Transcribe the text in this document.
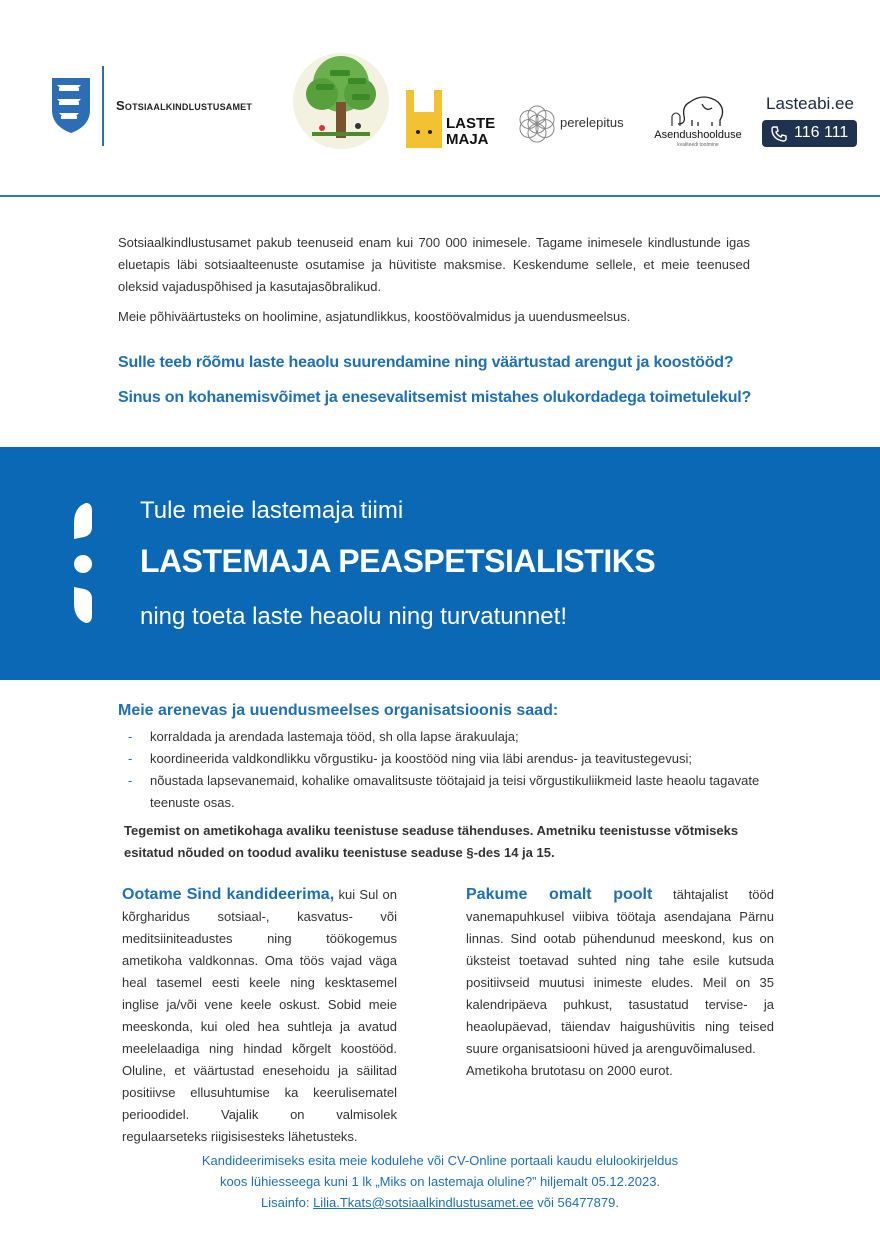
Sotsiaalkindlustusamet
LASTE
MAJA
perelepitus
Asendushoolduse
kvaliteedi tootmine
Lasteabi.ee
116 111

Sotsiaalkindlustusamet pakub teenuseid enam kui 700 000 inimesele. Tagame inimesele kindlustunde igas eluetapis läbi sotsiaalteenuste osutamise ja hüvitiste maksmise. Keskendume sellele, et meie teenused oleksid vajaduspõhised ja kasutajasõbralikud.

Meie põhiväärtusteks on hoolimine, asjatundlikkus, koostöövalmidus ja uuendusmeelsus.

Sulle teeb rõõmu laste heaolu suurendamine ning väärtustad arengut ja koostööd?
Sinus on kohanemisvõimet ja enesevalitsemist mistahes olukordadega toimetulekul?
Tule meie lastemaja tiimi
LASTEMAJA PEASPETSIALISTIKS
ning toeta laste heaolu ning turvatunnet!
Meie arenevas ja uuendusmeelses organisatsioonis saad:
- korraldada ja arendada lastemaja tööd, sh olla lapse ärakuulaja;
- koordineerida valdkondlikku võrgustiku- ja koostööd ning viia läbi arendus- ja teavitustegevusi;
- nõustada lapsevanemaid, kohalike omavalitsuste töötajaid ja teisi võrgustikuliikmeid laste heaolu tagavate teenuste osas.
Tegemist on ametikohaga avaliku teenistuse seaduse tähenduses. Ametniku teenistusse võtmiseks esitatud nõuded on toodud avaliku teenistuse seaduse §-des 14 ja 15.
Ootame Sind kandideerima, kui Sul on kõrgharidus sotsiaal-, kasvatus- või meditsiiniteadustes ning töökogemus ametikoha valdkonnas. Oma töös vajad väga heal tasemel eesti keele ning kesktasemel inglise ja/või vene keele oskust. Sobid meie meeskonda, kui oled hea suhtleja ja avatud meelelaadiga ning hindad kõrgelt koostööd. Oluline, et väärtustad enesehoidu ja säilitad positiivse ellusuhtumise ka keerulisematel perioodidel. Vajalik on valmisolek regulaarseteks riigisisesteks lähetusteks.
Pakume omalt poolt tähtajalist tööd vanemapuhkusel viibiva töötaja asendajana Pärnu linnas. Sind ootab pühendunud meeskond, kus on üksteist toetavad suhted ning tahe esile kutsuda positiivseid muutusi inimeste eludes. Meil on 35 kalendripäeva puhkust, tasustatud tervise- ja heaolupäevad, täiendav haigushüvitis ning teised suure organisatsiooni hüved ja arenguvõimalused.
Ametikoha brutotasu on 2000 eurot.
Kandideerimiseks esita meie kodulehe või CV-Online portaali kaudu elulookirjeldus
koos lühiesseega kuni 1 lk „Miks on lastemaja oluline?” hiljemalt 05.12.2023.
Lisainfo: Lilia.Tkats@sotsiaalkindlustusamet.ee või 56477879.
